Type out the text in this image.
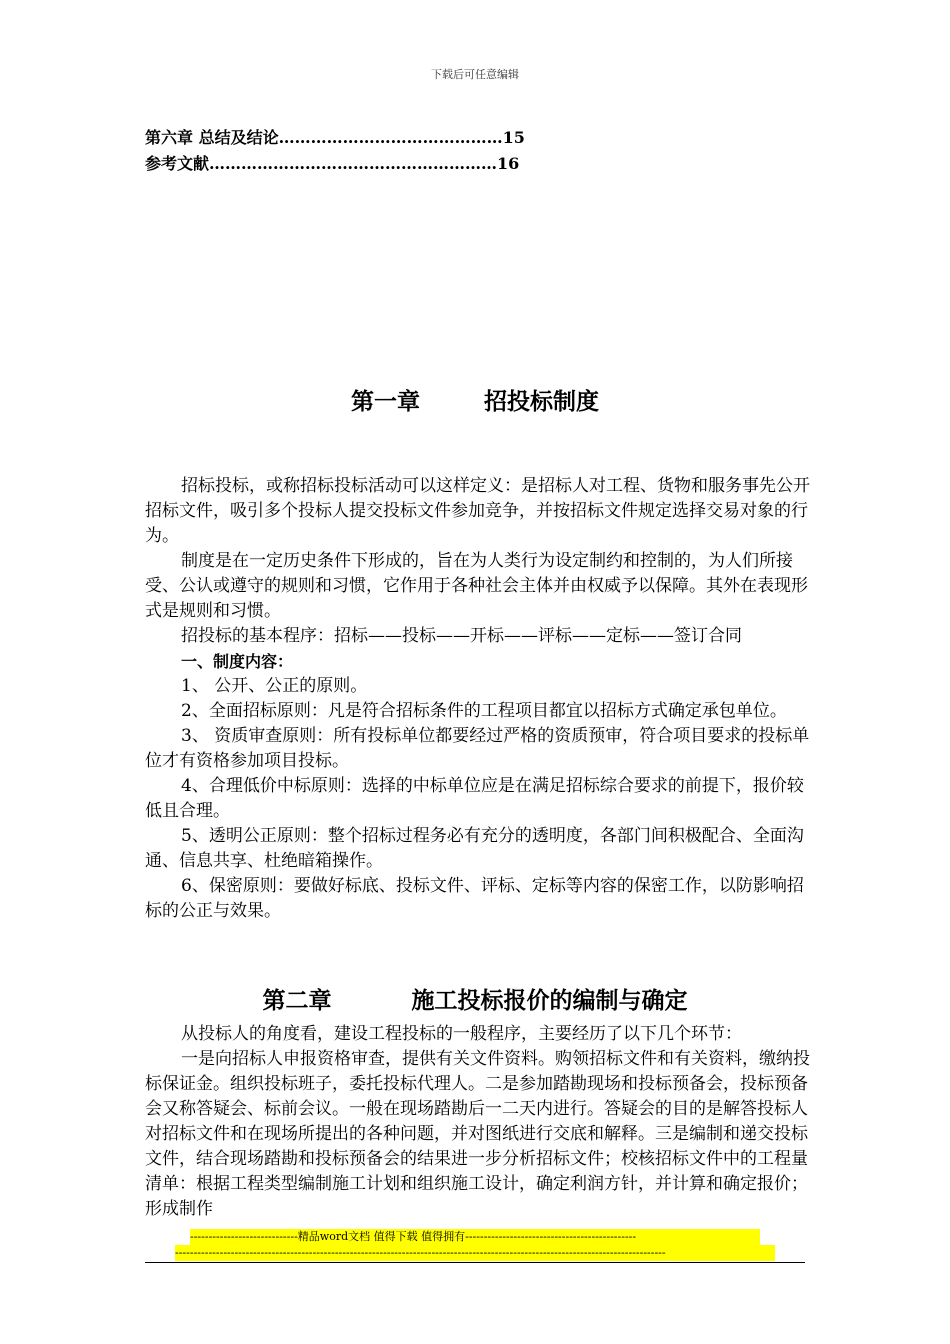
下载后可任意编辑
第六章 总结及结论……………………………………15
参考文献………………………………………………16
第一章        招投标制度

招标投标，或称招标投标活动可以这样定义：是招标人对工程、货物和服务事先公开招标文件，吸引多个投标人提交投标文件参加竞争，并按招标文件规定选择交易对象的行为。

制度是在一定历史条件下形成的，旨在为人类行为设定制约和控制的，为人们所接受、公认或遵守的规则和习惯，它作用于各种社会主体并由权威予以保障。其外在表现形式是规则和习惯。

招投标的基本程序：招标——投标——开标——评标——定标——签订合同

一、制度内容：

1、 公开、公正的原则。

2、全面招标原则：凡是符合招标条件的工程项目都宜以招标方式确定承包单位。

3、 资质审查原则：所有投标单位都要经过严格的资质预审，符合项目要求的投标单位才有资格参加项目投标。

4、合理低价中标原则：选择的中标单位应是在满足招标综合要求的前提下，报价较低且合理。

5、透明公正原则：整个招标过程务必有充分的透明度，各部门间积极配合、全面沟通、信息共享、杜绝暗箱操作。

6、保密原则：要做好标底、投标文件、评标、定标等内容的保密工作，以防影响招标的公正与效果。

第二章          施工投标报价的编制与确定

从投标人的角度看，建设工程投标的一般程序，主要经历了以下几个环节：

一是向招标人申报资格审查，提供有关文件资料。购领招标文件和有关资料，缴纳投标保证金。组织投标班子，委托投标代理人。二是参加踏勘现场和投标预备会，投标预备会又称答疑会、标前会议。一般在现场踏勘后一二天内进行。答疑会的目的是解答投标人对招标文件和在现场所提出的各种问题，并对图纸进行交底和解释。三是编制和递交投标文件，结合现场踏勘和投标预备会的结果进一步分析招标文件；校核招标文件中的工程量清单：根据工程类型编制施工计划和组织施工设计，确定利润方针，并计算和确定报价；形成制作

-----------------------------精品word文档 值得下载 值得拥有----------------------------------------------
------------------------------------------------------------------------------------------------------------------------------------
